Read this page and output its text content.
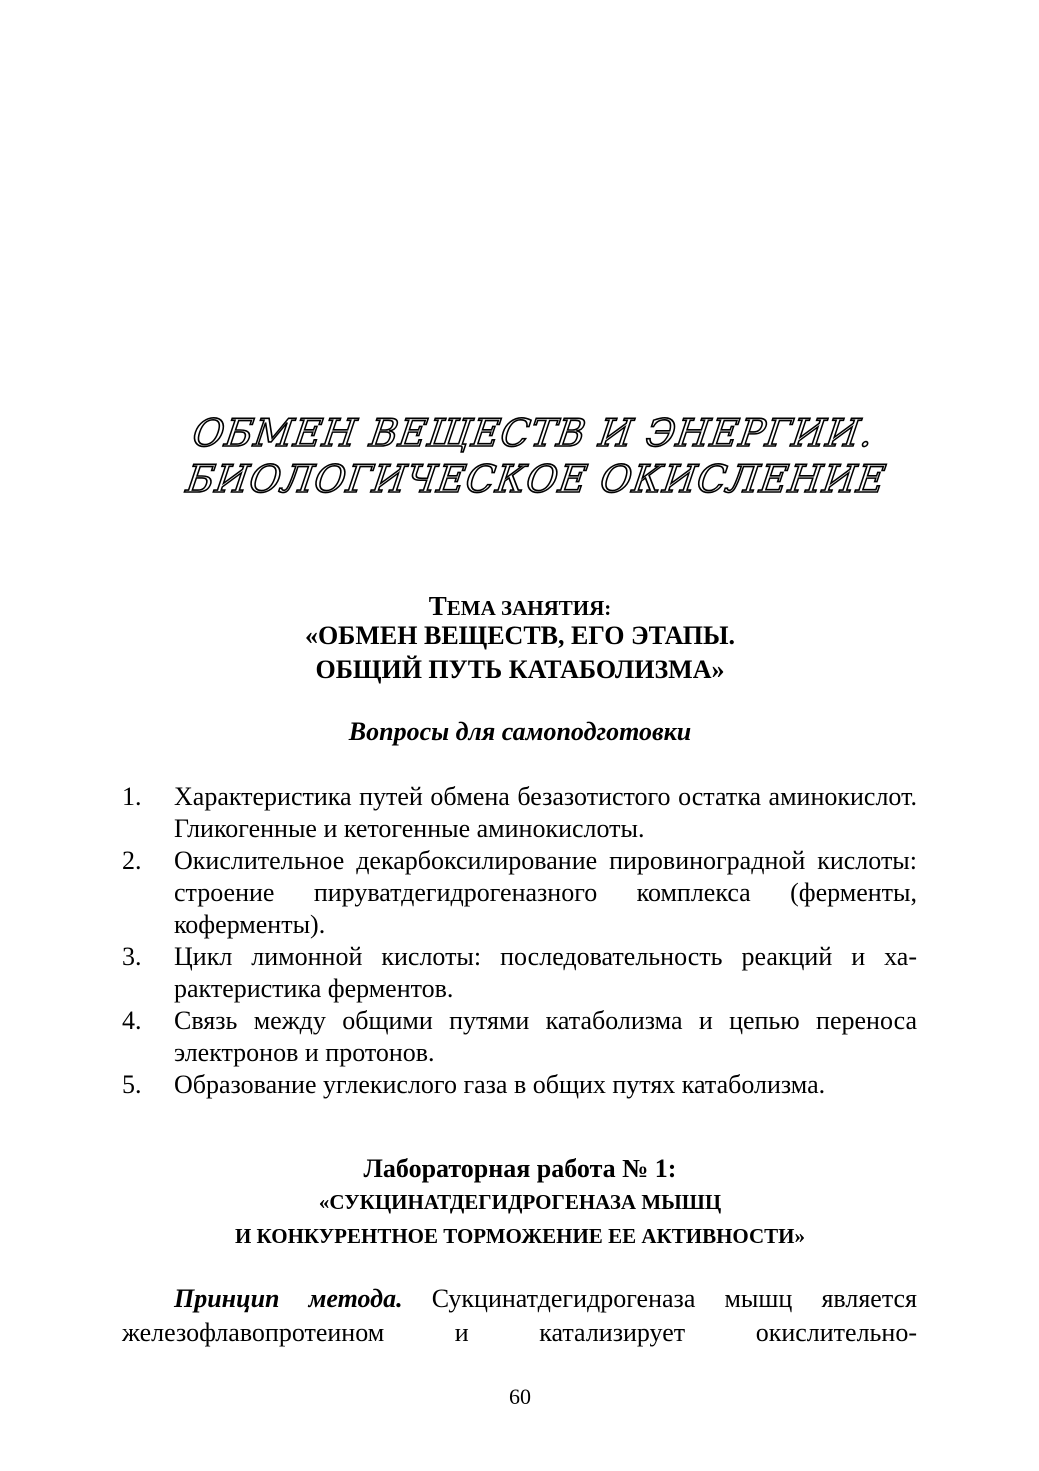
ОБМЕН ВЕЩЕСТВ И ЭНЕРГИИ.
БИОЛОГИЧЕСКОЕ ОКИСЛЕНИЕ
ТЕМА ЗАНЯТИЯ:
«ОБМЕН ВЕЩЕСТВ, ЕГО ЭТАПЫ.
ОБЩИЙ ПУТЬ КАТАБОЛИЗМА»
Вопросы для самоподготовки
1.	Характеристика путей обмена безазотистого остатка аминокислот. Гликогенные и кетогенные аминокислоты.
2.	Окислительное декарбоксилирование пировиноградной кислоты: строение пируватдегидрогеназного комплекса (ферменты, коферменты).
3.	Цикл лимонной кислоты: последовательность реакций и характеристика ферментов.
4.	Связь между общими путями катаболизма и цепью переноса электронов и протонов.
5.	Образование углекислого газа в общих путях катаболизма.
Лабораторная работа № 1:
«СУКЦИНАТДЕГИДРОГЕНАЗА МЫШЦ
И КОНКУРЕНТНОЕ ТОРМОЖЕНИЕ ЕЕ АКТИВНОСТИ»
Принцип метода. Сукцинатдегидрогеназа мышц является железофлавопротеином и катализирует окислительно-
60
